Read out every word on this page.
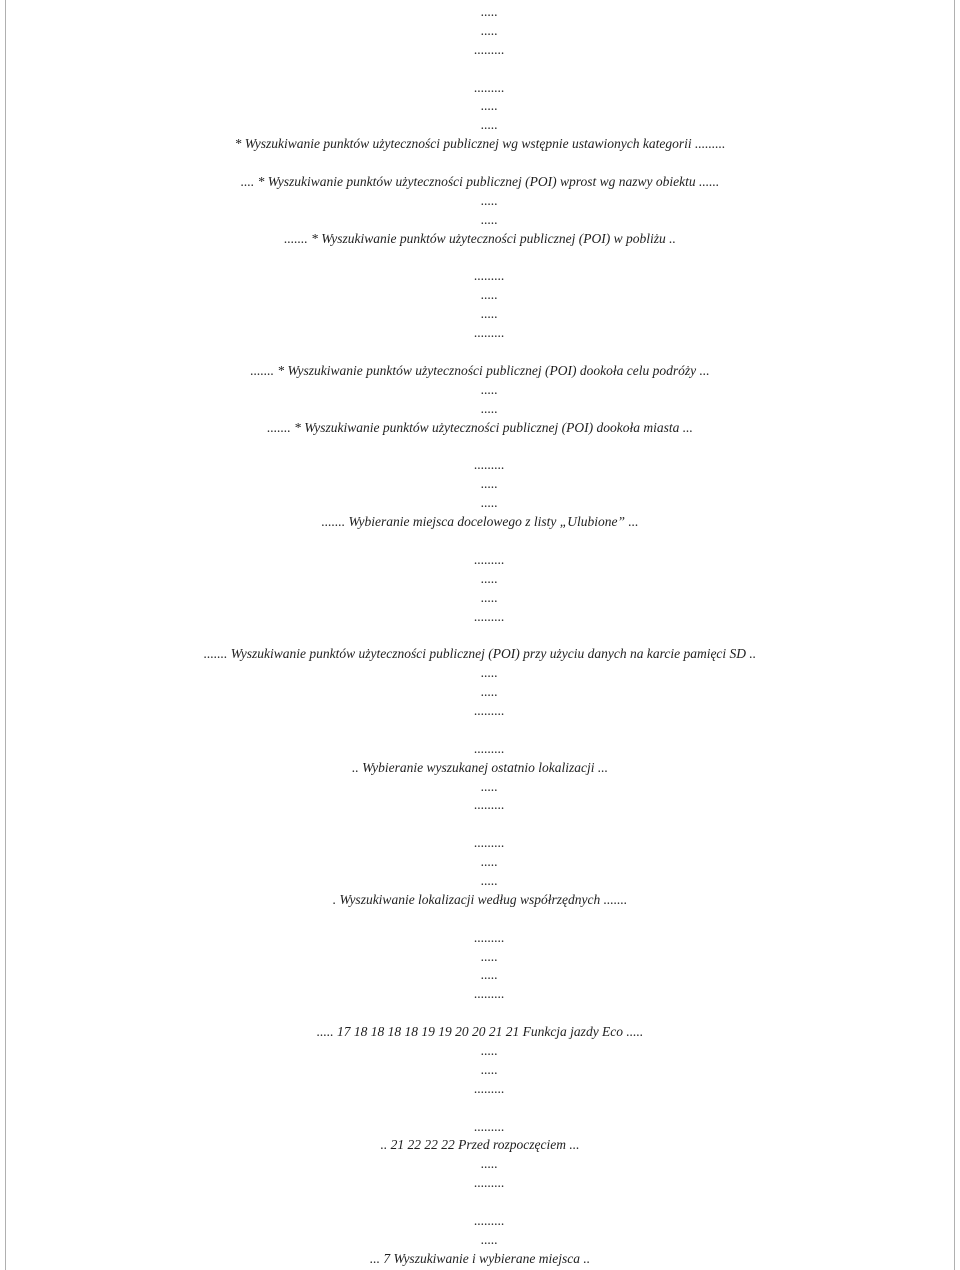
.....
.....
.........
.........
.....
.....
* Wyszukiwanie punktów użyteczności publicznej wg wstępnie ustawionych kategorii .........
.... * Wyszukiwanie punktów użyteczności publicznej (POI) wprost wg nazwy obiektu ......
.....
.....
....... * Wyszukiwanie punktów użyteczności publicznej (POI) w pobliżu ..
.........
.....
.....
.........
....... * Wyszukiwanie punktów użyteczności publicznej (POI) dookoła celu podróży ...
.....
.....
....... * Wyszukiwanie punktów użyteczności publicznej (POI) dookoła miasta ...
.........
.....
.....
....... Wybieranie miejsca docelowego z listy „Ulubione” ...
.........
.....
.....
.........
....... Wyszukiwanie punktów użyteczności publicznej (POI) przy użyciu danych na karcie pamięci SD ..
.....
.....
.........
.........
.. Wybieranie wyszukanej ostatnio lokalizacji ...
.....
.........
.........
.....
.....
. Wyszukiwanie lokalizacji według współrzędnych .......
.........
.....
.....
.........
..... 17 18 18 18 18 19 19 20 20 21 21 Funkcja jazdy Eco .....
.....
.....
.........
.........
.. 21 22 22 22 Przed rozpoczęciem ...
.....
.........
.........
.....
... 7 Wyszukiwanie i wybierane miejsca ..
